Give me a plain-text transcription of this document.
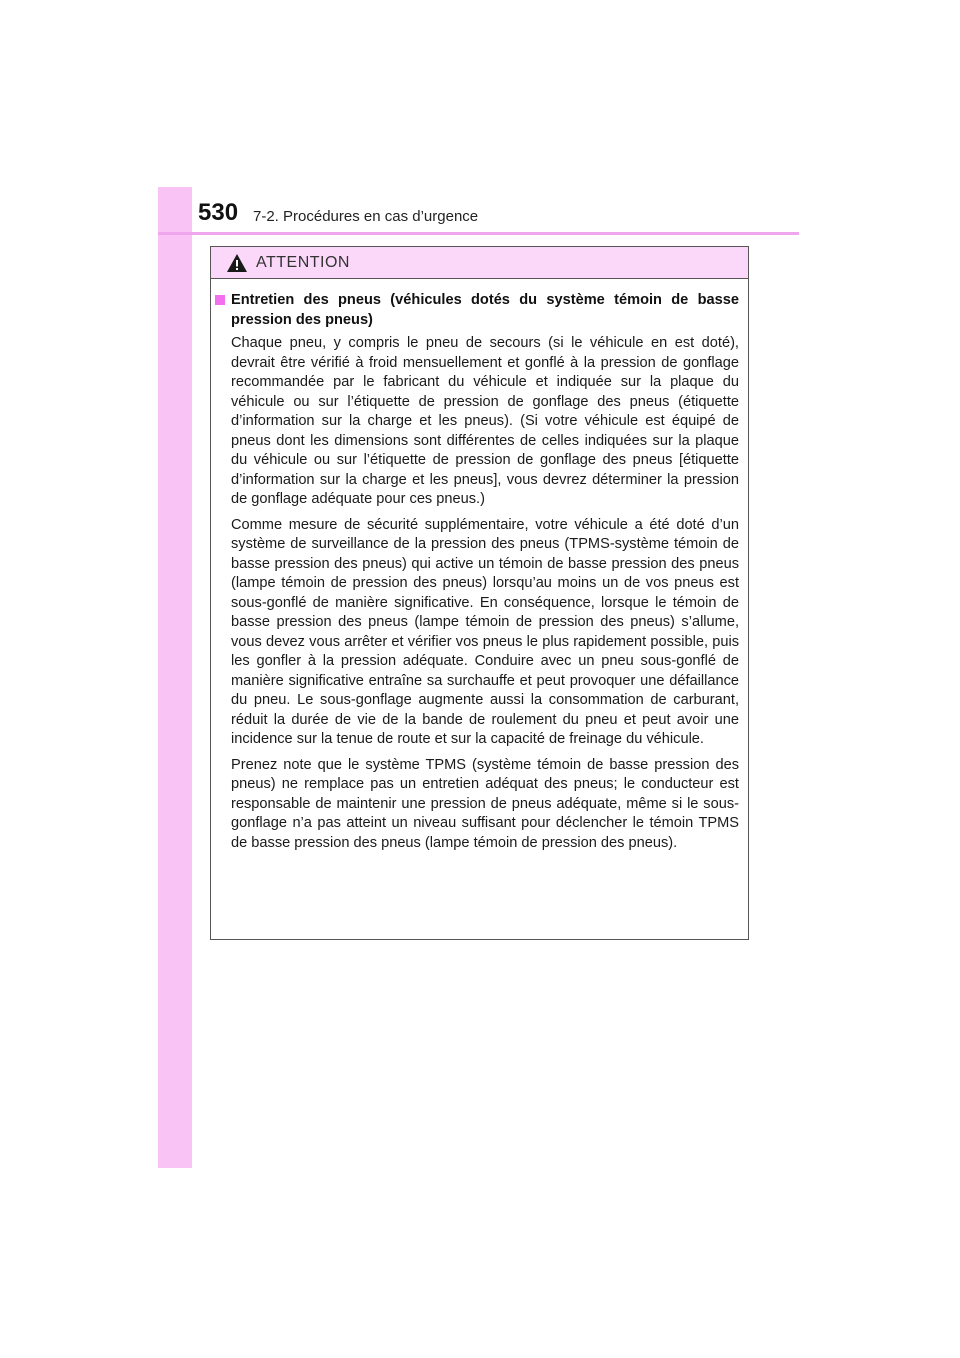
530 7-2. Procédures en cas d’urgence
ATTENTION
Entretien des pneus (véhicules dotés du système témoin de basse pression des pneus)

Chaque pneu, y compris le pneu de secours (si le véhicule en est doté), devrait être vérifié à froid mensuellement et gonflé à la pression de gonflage recommandée par le fabricant du véhicule et indiquée sur la plaque du véhicule ou sur l’étiquette de pression de gonflage des pneus (étiquette d’information sur la charge et les pneus). (Si votre véhicule est équipé de pneus dont les dimensions sont différentes de celles indiquées sur la plaque du véhicule ou sur l’étiquette de pression de gonflage des pneus [étiquette d’information sur la charge et les pneus], vous devrez déterminer la pression de gonflage adéquate pour ces pneus.)

Comme mesure de sécurité supplémentaire, votre véhicule a été doté d’un système de surveillance de la pression des pneus (TPMS-système témoin de basse pression des pneus) qui active un témoin de basse pression des pneus (lampe témoin de pression des pneus) lorsqu’au moins un de vos pneus est sous-gonflé de manière significative. En conséquence, lorsque le témoin de basse pression des pneus (lampe témoin de pression des pneus) s’allume, vous devez vous arrêter et vérifier vos pneus le plus rapidement possible, puis les gonfler à la pression adéquate. Conduire avec un pneu sous-gonflé de manière significative entraîne sa surchauffe et peut provoquer une défaillance du pneu. Le sous-gonflage augmente aussi la consommation de carburant, réduit la durée de vie de la bande de roulement du pneu et peut avoir une incidence sur la tenue de route et sur la capacité de freinage du véhicule.

Prenez note que le système TPMS (système témoin de basse pression des pneus) ne remplace pas un entretien adéquat des pneus; le conducteur est responsable de maintenir une pression de pneus adéquate, même si le sous-gonflage n’a pas atteint un niveau suffisant pour déclencher le témoin TPMS de basse pression des pneus (lampe témoin de pression des pneus).
